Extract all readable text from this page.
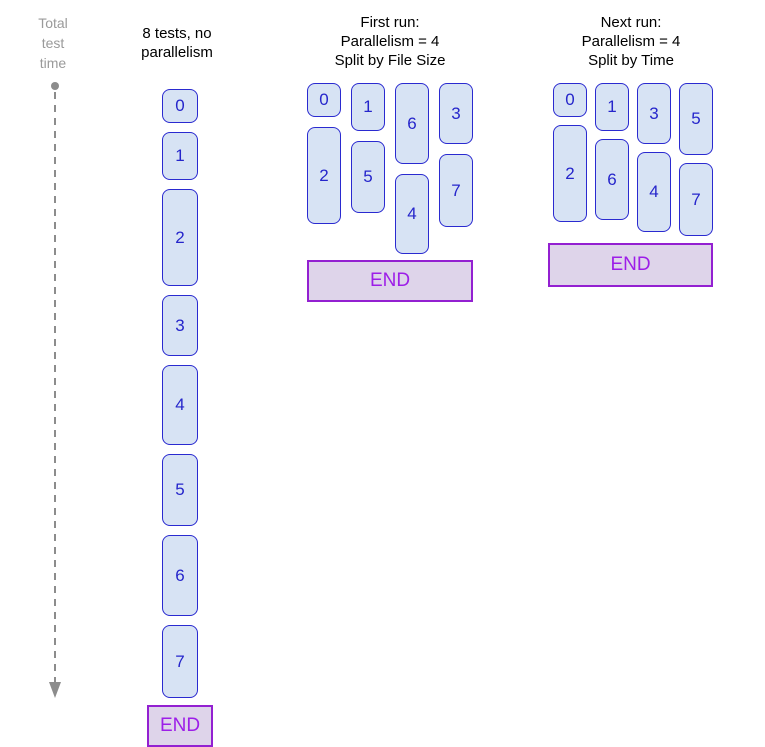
Total
test
time
8 tests, no
parallelism
0
1
2
3
4
5
6
7
END
First run:
Parallelism = 4
Split by File Size
0
2
1
5
6
4
3
7
END
Next run:
Parallelism = 4
Split by Time
0
2
1
6
3
4
5
7
END
